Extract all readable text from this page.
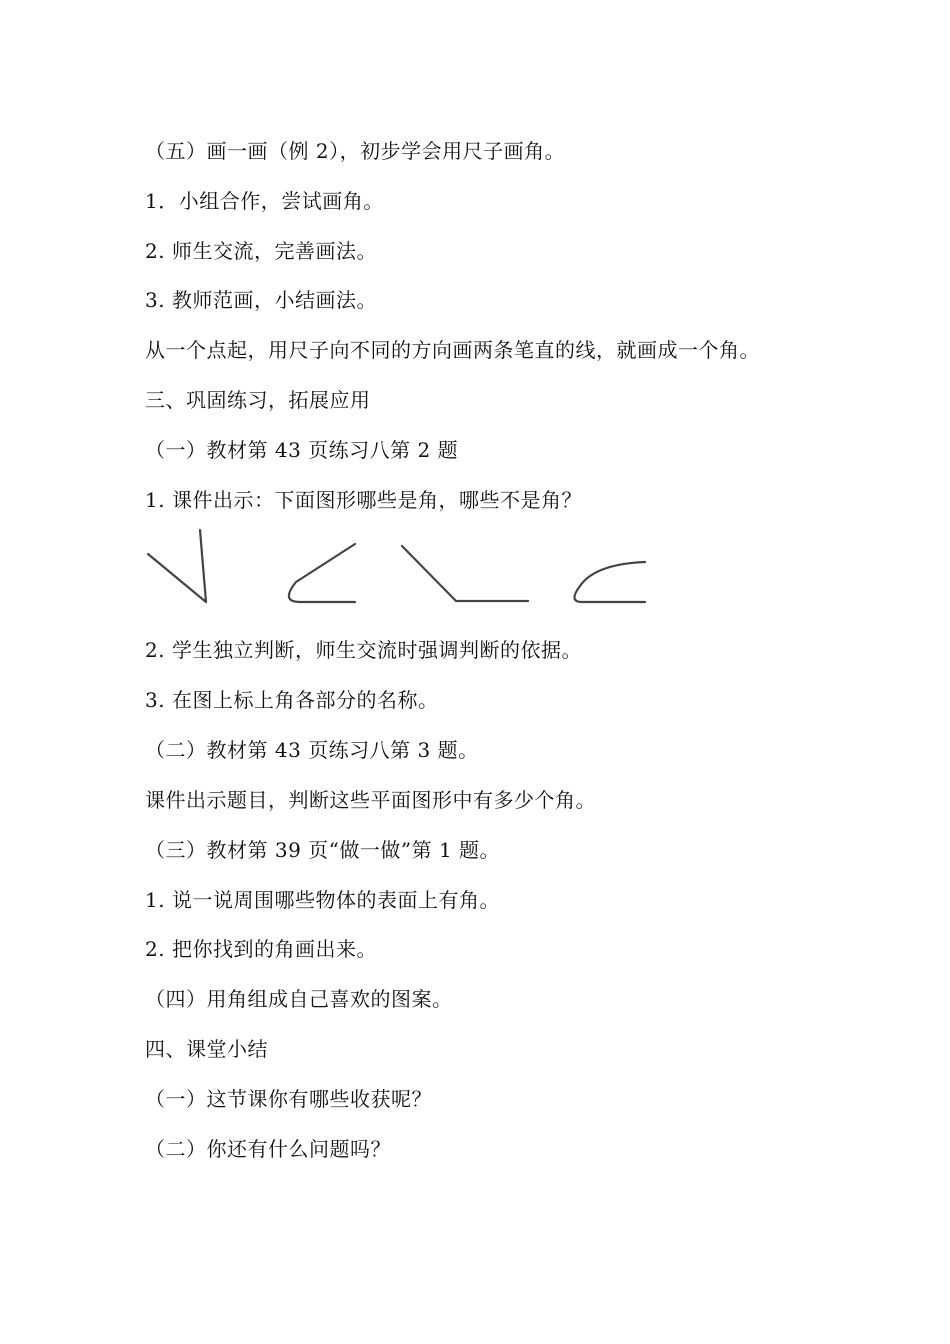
（五）画一画（例 2），初步学会用尺子画角。
1．小组合作，尝试画角。
2. 师生交流，完善画法。
3. 教师范画，小结画法。
从一个点起，用尺子向不同的方向画两条笔直的线，就画成一个角。
三、巩固练习，拓展应用
（一）教材第 43 页练习八第 2 题
1. 课件出示：下面图形哪些是角，哪些不是角？
2. 学生独立判断，师生交流时强调判断的依据。
3. 在图上标上角各部分的名称。
（二）教材第 43 页练习八第 3 题。
课件出示题目，判断这些平面图形中有多少个角。
（三）教材第 39 页“做一做”第 1 题。
1. 说一说周围哪些物体的表面上有角。
2. 把你找到的角画出来。
（四）用角组成自己喜欢的图案。
四、课堂小结
（一）这节课你有哪些收获呢？
（二）你还有什么问题吗？
